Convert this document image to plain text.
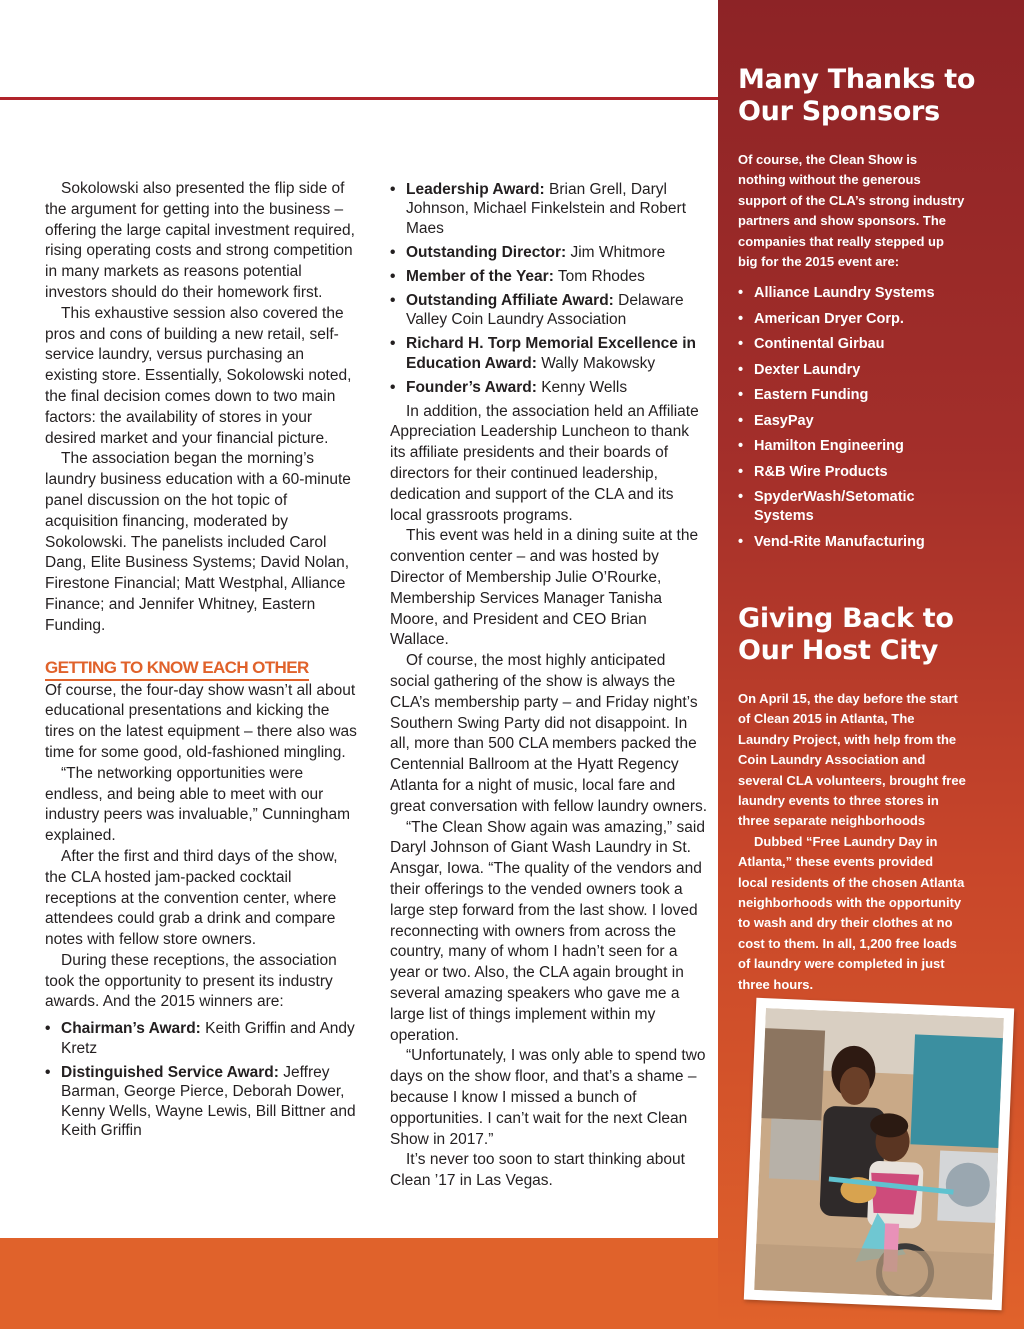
Sokolowski also presented the flip side of the argument for getting into the business – offering the large capital investment required, rising operating costs and strong competition in many markets as reasons potential investors should do their homework first.

This exhaustive session also covered the pros and cons of building a new retail, self-service laundry, versus purchasing an existing store. Essentially, Sokolowski noted, the final decision comes down to two main factors: the availability of stores in your desired market and your financial picture.

The association began the morning’s laundry business education with a 60-minute panel discussion on the hot topic of acquisition financing, moderated by Sokolowski. The panelists included Carol Dang, Elite Business Systems; David Nolan, Firestone Financial; Matt Westphal, Alliance Finance; and Jennifer Whitney, Eastern Funding.

GETTING TO KNOW EACH OTHER

Of course, the four-day show wasn’t all about educational presentations and kicking the tires on the latest equipment – there also was time for some good, old-fashioned mingling.

“The networking opportunities were endless, and being able to meet with our industry peers was invaluable,” Cunningham explained.

After the first and third days of the show, the CLA hosted jam-packed cocktail receptions at the convention center, where attendees could grab a drink and compare notes with fellow store owners.

During these receptions, the association took the opportunity to present its industry awards. And the 2015 winners are:

• Chairman’s Award: Keith Griffin and Andy Kretz
• Distinguished Service Award: Jeffrey Barman, George Pierce, Deborah Dower, Kenny Wells, Wayne Lewis, Bill Bittner and Keith Griffin
• Leadership Award: Brian Grell, Daryl Johnson, Michael Finkelstein and Robert Maes
• Outstanding Director: Jim Whitmore
• Member of the Year: Tom Rhodes
• Outstanding Affiliate Award: Delaware Valley Coin Laundry Association
• Richard H. Torp Memorial Excellence in Education Award: Wally Makowsky
• Founder’s Award: Kenny Wells

In addition, the association held an Affiliate Appreciation Leadership Luncheon to thank its affiliate presidents and their boards of directors for their continued leadership, dedication and support of the CLA and its local grassroots programs.

This event was held in a dining suite at the convention center – and was hosted by Director of Membership Julie O’Rourke, Membership Services Manager Tanisha Moore, and President and CEO Brian Wallace.

Of course, the most highly anticipated social gathering of the show is always the CLA’s membership party – and Friday night’s Southern Swing Party did not disappoint. In all, more than 500 CLA members packed the Centennial Ballroom at the Hyatt Regency Atlanta for a night of music, local fare and great conversation with fellow laundry owners.

“The Clean Show again was amazing,” said Daryl Johnson of Giant Wash Laundry in St. Ansgar, Iowa. “The quality of the vendors and their offerings to the vended owners took a large step forward from the last show. I loved reconnecting with owners from across the country, many of whom I hadn’t seen for a year or two. Also, the CLA again brought in several amazing speakers who gave me a large list of things implement within my operation.

“Unfortunately, I was only able to spend two days on the show floor, and that’s a shame – because I know I missed a bunch of opportunities. I can’t wait for the next Clean Show in 2017.”

It’s never too soon to start thinking about Clean ’17 in Las Vegas.

Many Thanks to
Our Sponsors

Of course, the Clean Show is nothing without the generous support of the CLA’s strong industry partners and show sponsors. The companies that really stepped up big for the 2015 event are:

• Alliance Laundry Systems
• American Dryer Corp.
• Continental Girbau
• Dexter Laundry
• Eastern Funding
• EasyPay
• Hamilton Engineering
• R&B Wire Products
• SpyderWash/Setomatic Systems
• Vend-Rite Manufacturing
Giving Back to
Our Host City

On April 15, the day before the start of Clean 2015 in Atlanta, The Laundry Project, with help from the Coin Laundry Association and several CLA volunteers, brought free laundry events to three stores in three separate neighborhoods
Dubbed “Free Laundry Day in Atlanta,” these events provided local residents of the chosen Atlanta neighborhoods with the opportunity to wash and dry their clothes at no cost to them. In all, 1,200 free loads of laundry were completed in just three hours.
